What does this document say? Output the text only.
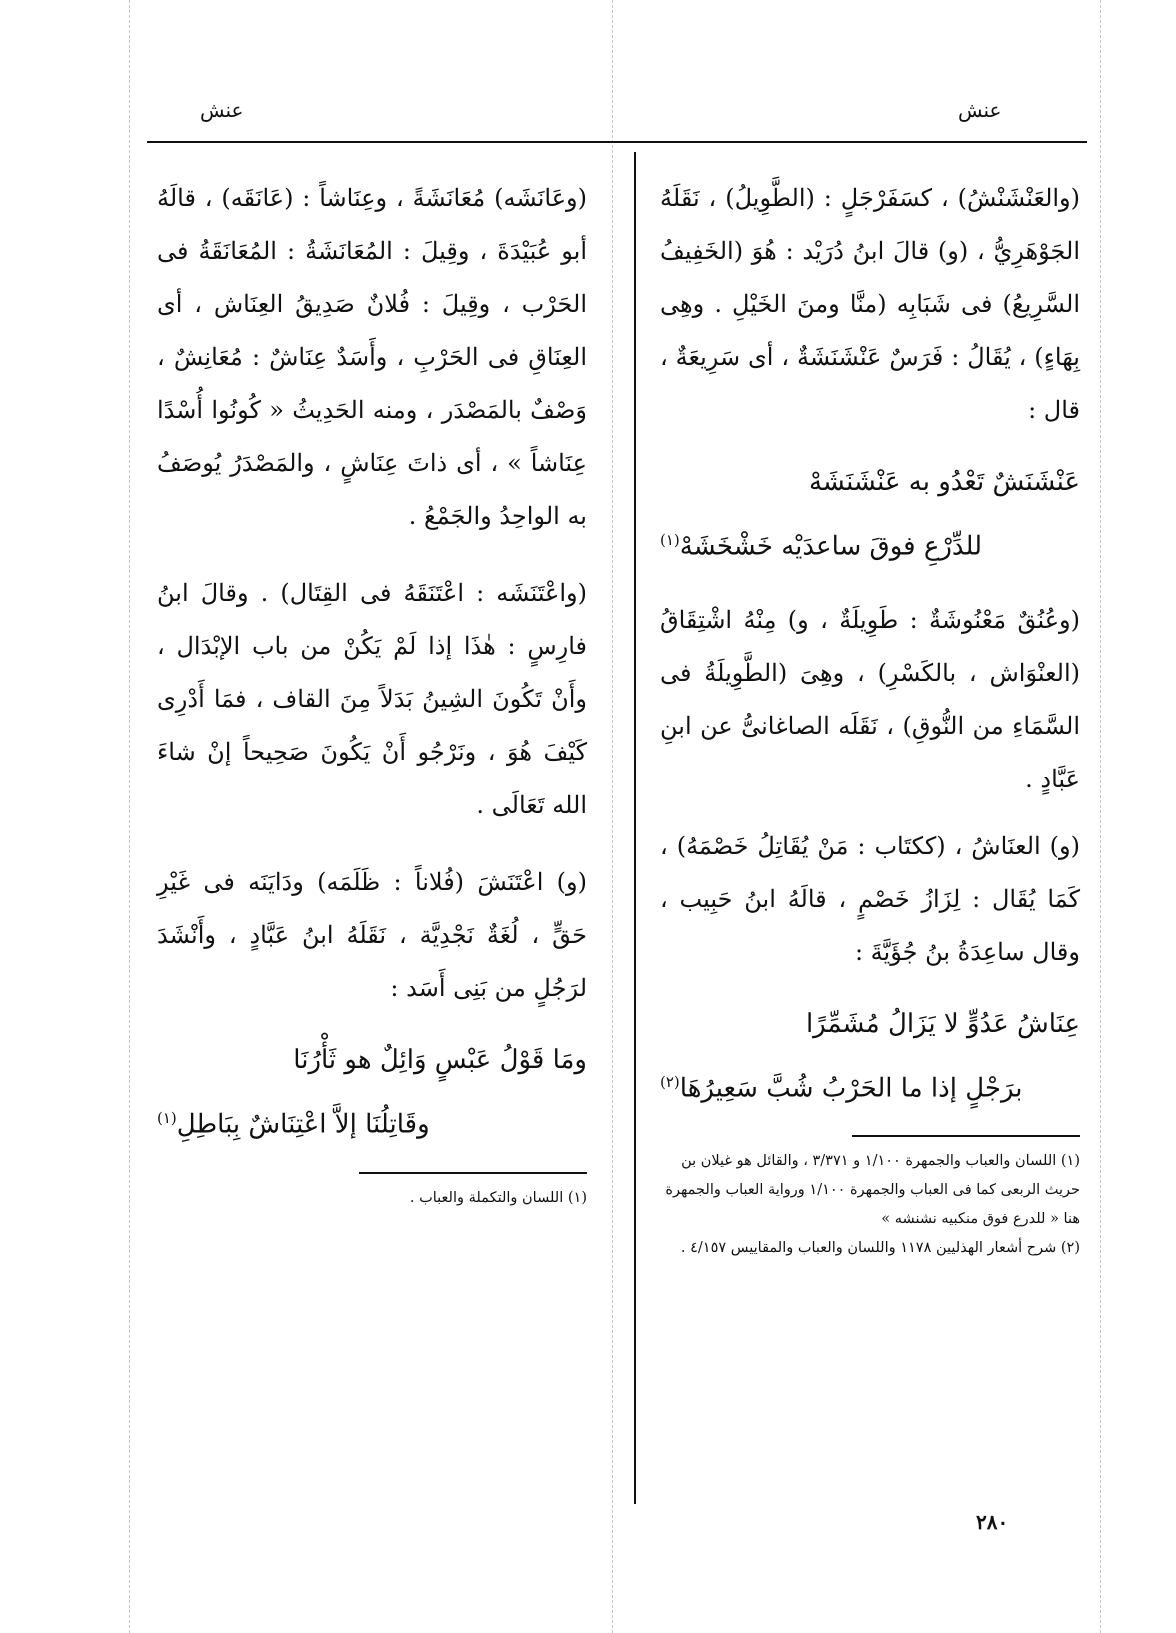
عنش
عنش

(والعَنْشَنْشُ) ، كسَفَرْجَلٍ : (الطَّوِيلُ) ، نَقَلَهُ الجَوْهَرِيُّ ، (و) قالَ ابنُ دُرَيْد : هُوَ (الخَفِيفُ السَّرِيعُ) فى شَبَابِه (منَّا ومنَ الخَيْلِ . وهِى بِهَاءٍ) ، يُقَالُ : فَرَسٌ عَنْشَنَشَةٌ ، أى سَرِيعَةٌ ، قال :

عَنْشَنَشٌ تَعْدُو به عَنْشَنَشَهْ
للدِّرْعِ فوقَ ساعدَيْه خَشْخَشَهْ$^{(١)}$

(وعُنُقٌ مَعْنُوشَةٌ : طَوِيلَةٌ ، و) مِنْهُ اشْتِقَاقُ (العنْوَاش ، بالكَسْرِ) ، وهِىَ (الطَّوِيلَةُ فى السَّمَاءِ من النُّوقِ) ، نَقَلَه الصاغانىُّ عن ابنِ عَبَّادٍ .

(و) العنَاشُ ، (ككتَاب : مَنْ يُقَاتِلُ خَصْمَهُ) ، كَمَا يُقَال : لِزَازُ خَصْمٍ ، قالَهُ ابنُ حَبِيب ، وقال ساعِدَةُ بنُ جُؤَيَّةَ :

عِنَاشُ عَدُوٍّ لا يَزَالُ مُشَمِّرًا
برَجْلٍ إذا ما الحَرْبُ شُبَّ سَعِيرُهَا$^{(٢)}$

(١) اللسان والعباب والجمهرة ١/١٠٠ و ٣/٣٧١ ، والقائل هو غيلان بن حريث الربعى كما فى العباب والجمهرة ١/١٠٠ ورواية العباب والجمهرة هنا « للدرع فوق منكبيه نشنشه »

(٢) شرح أشعار الهذليين ١١٧٨ واللسان والعباب والمقاييس ٤/١٥٧ .

(وعَانَشَه) مُعَانَشَةً ، وعِنَاشاً : (عَانَقَه) ، قالَهُ أبو عُبَيْدَةَ ، وقِيلَ : المُعَانَشَةُ : المُعَانَقَةُ فى الحَرْب ، وقِيلَ : فُلانٌ صَدِيقُ العِنَاش ، أى العِنَاقِ فى الحَرْبِ ، وأَسَدٌ عِنَاشٌ : مُعَانِشٌ ، وَصْفٌ بالمَصْدَر ، ومنه الحَدِيثُ « كُونُوا أُسْدًا عِنَاشاً » ، أى ذاتَ عِنَاشٍ ، والمَصْدَرُ يُوصَفُ به الواحِدُ والجَمْعُ .

(واعْتَنَشَه : اعْتَنَقَهُ فى القِتَال) . وقالَ ابنُ فارِسٍ : هٰذَا إذا لَمْ يَكُنْ من باب الإبْدَال ، وأَنْ تَكُونَ الشِينُ بَدَلاً مِنَ القاف ، فمَا أَدْرِى كَيْفَ هُوَ ، ونَرْجُو أَنْ يَكُونَ صَحِيحاً إنْ شاءَ الله تَعَالَى .

(و) اعْتَنَشَ (فُلاناً : ظَلَمَه) ودَايَنَه فى غَيْرِ حَقٍّ ، لُغَةٌ نَجْدِيَّة ، نَقَلَهُ ابنُ عَبَّادٍ ، وأَنْشَدَ لرَجُلٍ من بَنِى أَسَد :

ومَا قَوْلُ عَبْسٍ وَائِلٌ هو ثَأْرُنَا
وقَاتِلُنَا إلاَّ اعْتِنَاشٌ بِبَاطِلِ$^{(١)}$

(١) اللسان والتكملة والعباب .

٢٨٠
